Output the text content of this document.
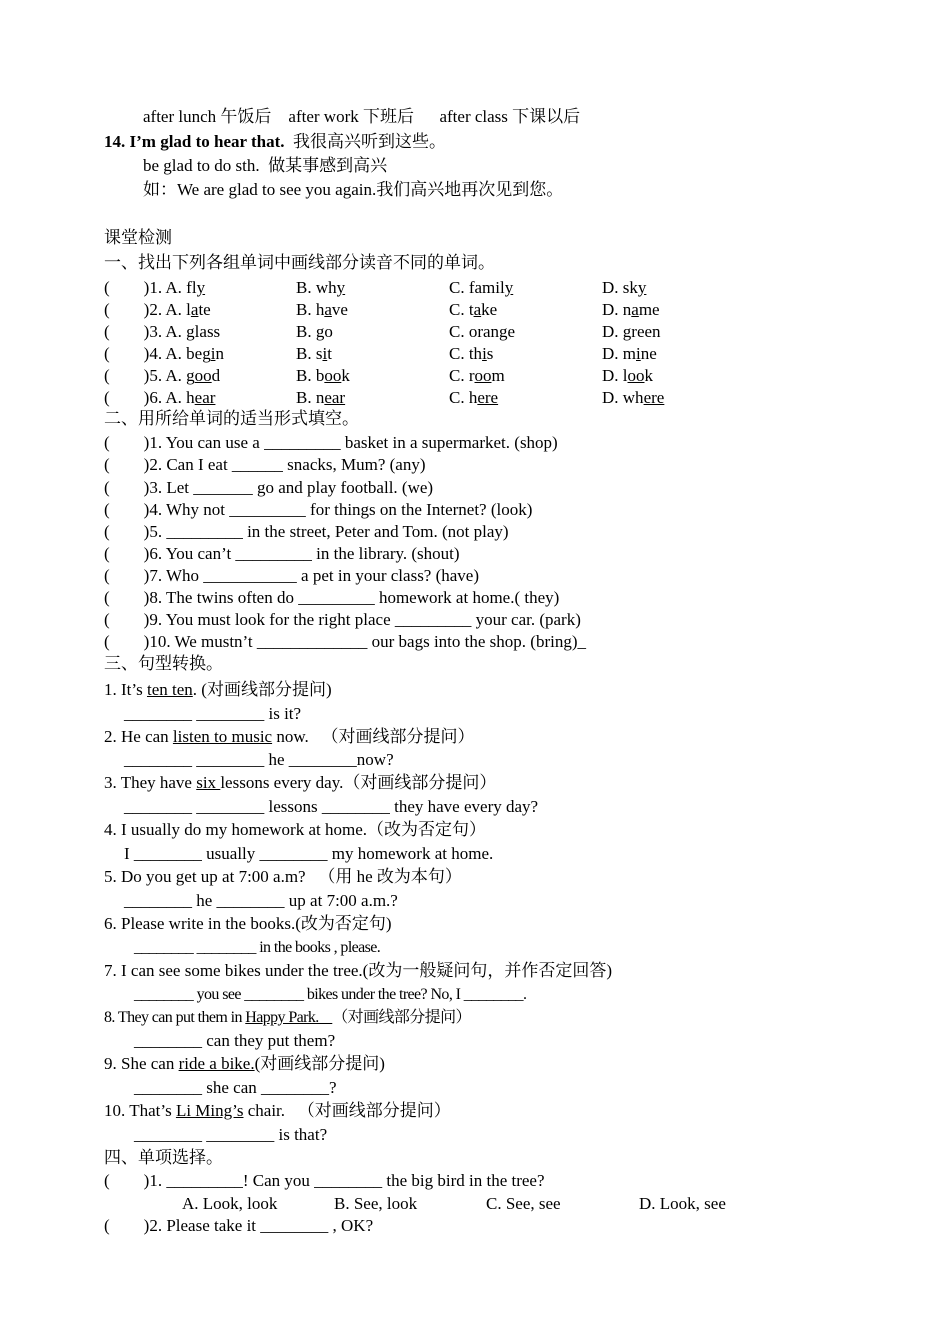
after lunch 午饭后    after work 下班后      after class 下课以后
14. I’m glad to hear that.  我很高兴听到这些。
be glad to do sth.  做某事感到高兴
如：We are glad to see you again.我们高兴地再次见到您。
课堂检测
一、找出下列各组单词中画线部分读音不同的单词。
(        )1. A. fly	B. why	C. family	D. sky
(        )2. A. late	B. have	C. take	D. name
(        )3. A. glass	B. go	C. orange	D. green
(        )4. A. begin	B. sit	C. this	D. mine
(        )5. A. good	B. book	C. room	D. look
(        )6. A. hear	B. near	C. here	D. where
二、用所给单词的适当形式填空。
(        )1. You can use a _________ basket in a supermarket. (shop)
(        )2. Can I eat ______ snacks, Mum? (any)
(        )3. Let _______ go and play football. (we)
(        )4. Why not _________ for things on the Internet? (look)
(        )5. _________ in the street, Peter and Tom. (not play)
(        )6. You can’t _________ in the library. (shout)
(        )7. Who ___________ a pet in your class? (have)
(        )8. The twins often do _________ homework at home.( they)
(        )9. You must look for the right place _________ your car. (park)
(        )10. We mustn’t _____________ our bags into the shop. (bring)_
三、句型转换。
1. It’s ten ten. (对画线部分提问)
________ ________ is it?
2. He can listen to music now.   （对画线部分提问）
________ ________ he ________now?
3. They have six lessons every day.（对画线部分提问）
________ ________ lessons ________ they have every day?
4. I usually do my homework at home.（改为否定句）
I ________ usually ________ my homework at home.
5. Do you get up at 7:00 a.m?   （用 he 改为本句）
________ he ________ up at 7:00 a.m.?
6. Please write in the books.(改为否定句)
________ ________ in the books , please.
7. I can see some bikes under the tree.(改为一般疑问句，并作否定回答)
________ you see ________ bikes under the tree? No, I ________.
8. They can put them in Happy Park.    （对画线部分提问）
________ can they put them?
9. She can ride a bike.(对画线部分提问)
________ she can ________?
10. That’s Li Ming’s chair.   （对画线部分提问）
________ ________ is that?
四、单项选择。
(        )1. _________! Can you ________ the big bird in the tree?
A. Look, look	B. See, look	C. See, see	D. Look, see
(        )2. Please take it ________ , OK?
